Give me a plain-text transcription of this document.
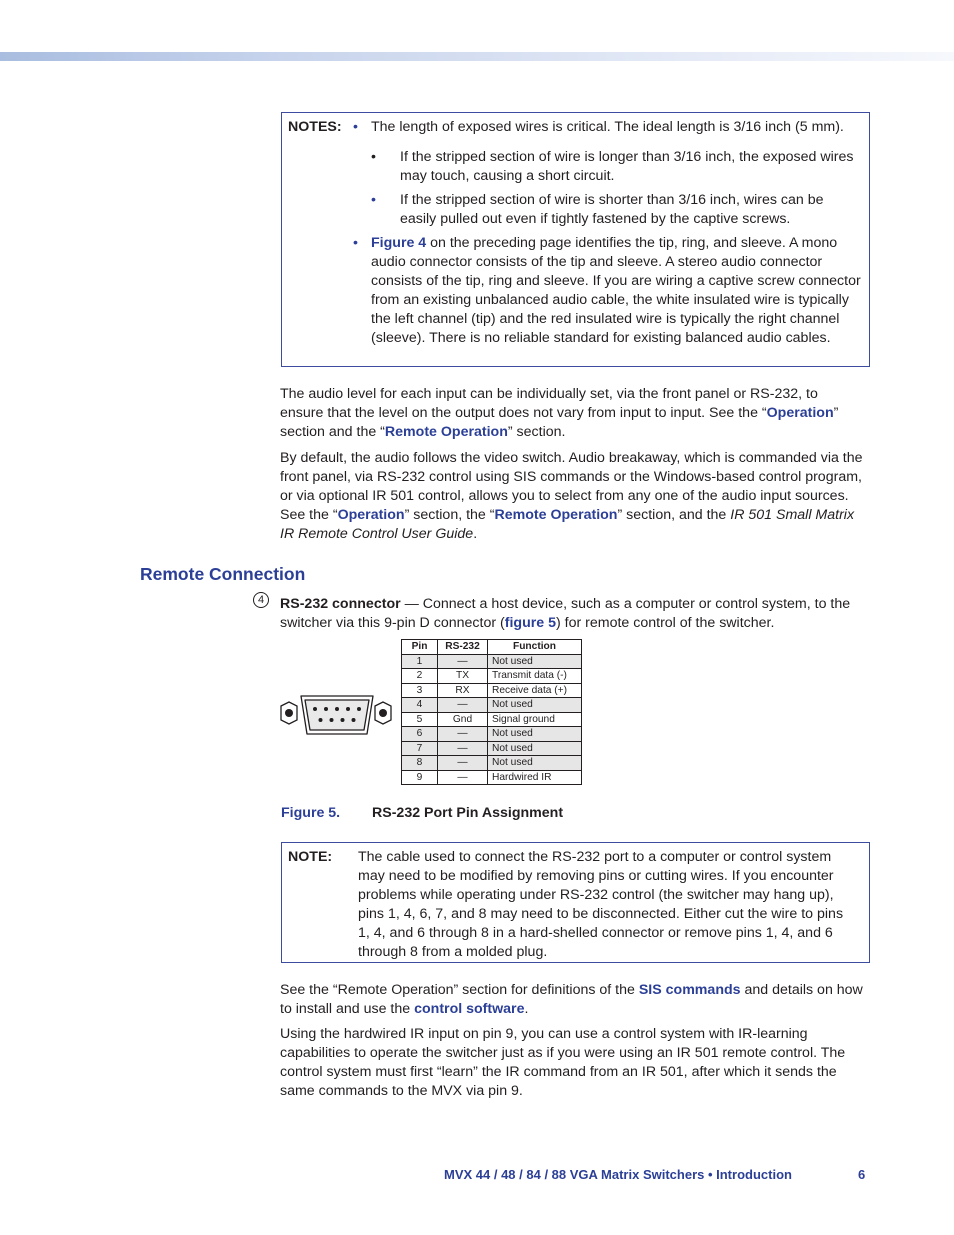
NOTES: • The length of exposed wires is critical. The ideal length is 3/16 inch (5 mm).
• If the stripped section of wire is longer than 3/16 inch, the exposed wires may touch, causing a short circuit.
• If the stripped section of wire is shorter than 3/16 inch, wires can be easily pulled out even if tightly fastened by the captive screws.
• Figure 4 on the preceding page identifies the tip, ring, and sleeve. A mono audio connector consists of the tip and sleeve. A stereo audio connector consists of the tip, ring and sleeve. If you are wiring a captive screw connector from an existing unbalanced audio cable, the white insulated wire is typically the left channel (tip) and the red insulated wire is typically the right channel (sleeve). There is no reliable standard for existing balanced audio cables.

The audio level for each input can be individually set, via the front panel or RS-232, to ensure that the level on the output does not vary from input to input. See the “Operation” section and the “Remote Operation” section.

By default, the audio follows the video switch. Audio breakaway, which is commanded via the front panel, via RS-232 control using SIS commands or the Windows-based control program, or via optional IR 501 control, allows you to select from any one of the audio input sources. See the “Operation” section, the “Remote Operation” section, and the IR 501 Small Matrix IR Remote Control User Guide.

Remote Connection
4	RS-232 connector — Connect a host device, such as a computer or control system, to the switcher via this 9-pin D connector (figure 5) for remote control of the switcher.

Pin	RS-232	Function
1	—	Not used
2	TX	Transmit data (-)
3	RX	Receive data (+)
4	—	Not used
5	Gnd	Signal ground
6	—	Not used
7	—	Not used
8	—	Not used
9	—	Hardwired IR
Figure 5. RS-232 Port Pin Assignment
NOTE: The cable used to connect the RS-232 port to a computer or control system may need to be modified by removing pins or cutting wires. If you encounter problems while operating under RS-232 control (the switcher may hang up), pins 1, 4, 6, 7, and 8 may need to be disconnected. Either cut the wire to pins 1, 4, and 6 through 8 in a hard-shelled connector or remove pins 1, 4, and 6 through 8 from a molded plug.

See the “Remote Operation” section for definitions of the SIS commands and details on how to install and use the control software.

Using the hardwired IR input on pin 9, you can use a control system with IR-learning capabilities to operate the switcher just as if you were using an IR 501 remote control. The control system must first “learn” the IR command from an IR 501, after which it sends the same commands to the MVX via pin 9.

MVX 44 / 48 / 84 / 88 VGA Matrix Switchers • Introduction	6
